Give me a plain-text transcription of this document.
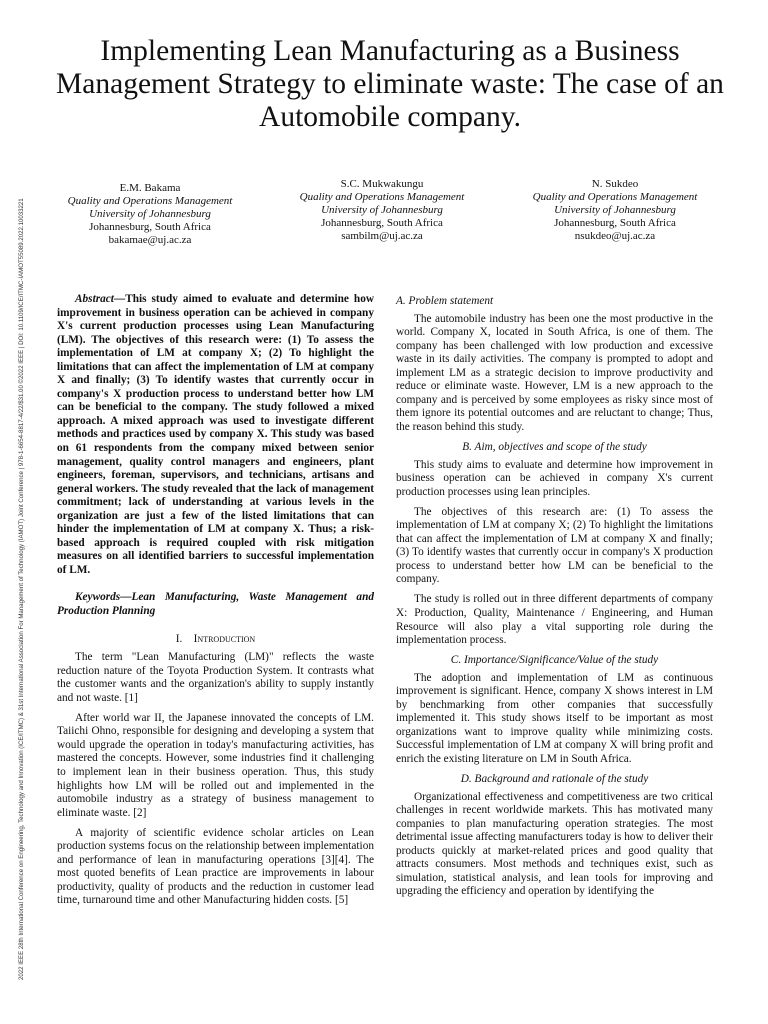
2022 IEEE 28th International Conference on Engineering, Technology and Innovation (ICE/ITMC) & 31st International Association For Management of Technology (IAMOT) Joint Conference | 978-1-6654-8817-4/22/$31.00 ©2022 IEEE | DOI: 10.1109/ICE/ITMC-IAMOT55089.2022.10033221
Implementing Lean Manufacturing as a Business Management Strategy to eliminate waste: The case of an Automobile company.
E.M. Bakama
Quality and Operations Management
University of Johannesburg
Johannesburg, South Africa
bakamae@uj.ac.za
S.C. Mukwakungu
Quality and Operations Management
University of Johannesburg
Johannesburg, South Africa
sambilm@uj.ac.za
N. Sukdeo
Quality and Operations Management
University of Johannesburg
Johannesburg, South Africa
nsukdeo@uj.ac.za

Abstract—This study aimed to evaluate and determine how improvement in business operation can be achieved in company X's current production processes using Lean Manufacturing (LM). The objectives of this research were: (1) To assess the implementation of LM at company X; (2) To highlight the limitations that can affect the implementation of LM at company X and finally; (3) To identify wastes that currently occur in company's X production process to understand better how LM can be beneficial to the company. The study followed a mixed approach. A mixed approach was used to investigate different methods and practices used by company X. This study was based on 61 respondents from the company mixed between senior management, quality control managers and engineers, plant engineers, foreman, supervisors, and technicians, artisans and general workers. The study revealed that the lack of management commitment; lack of understanding at various levels in the organization are just a few of the listed limitations that can hinder the implementation of LM at company X. Thus; a risk-based approach is required coupled with risk mitigation measures on all identified barriers to successful implementation of LM.

Keywords—Lean Manufacturing, Waste Management and Production Planning

I. Introduction

The term "Lean Manufacturing (LM)" reflects the waste reduction nature of the Toyota Production System. It contrasts what the customer wants and the organization's ability to supply instantly and not waste. [1]

After world war II, the Japanese innovated the concepts of LM. Taiichi Ohno, responsible for designing and developing a system that would upgrade the operation in today's manufacturing activities, has mastered the concepts. However, some industries find it challenging to implement lean in their business operation. Thus, this study highlights how LM will be rolled out and implemented in the automobile industry as a strategy of business management to eliminate waste. [2]

A majority of scientific evidence scholar articles on Lean production systems focus on the relationship between implementation and performance of lean in manufacturing operations [3][4]. The most quoted benefits of Lean practice are improvements in labour productivity, quality of products and the reduction in customer lead time, turnaround time and other Manufacturing hidden costs. [5]

A. Problem statement

The automobile industry has been one the most productive in the world. Company X, located in South Africa, is one of them. The company has been challenged with low production and excessive waste in its daily activities. The company is prompted to adopt and implement LM as a strategic decision to improve productivity and reduce or eliminate waste. However, LM is a new approach to the company and is perceived by some employees as risky since most of them ignore its potential outcomes and are reluctant to change; Thus, the reason behind this study.

B. Aim, objectives and scope of the study

This study aims to evaluate and determine how improvement in business operation can be achieved in company X's current production processes using lean principles.

The objectives of this research are: (1) To assess the implementation of LM at company X; (2) To highlight the limitations that can affect the implementation of LM at company X and finally; (3) To identify wastes that currently occur in company's X production process to understand better how LM can be beneficial to the company.

The study is rolled out in three different departments of company X: Production, Quality, Maintenance / Engineering, and Human Resource will also play a vital supporting role during the implementation process.

C. Importance/Significance/Value of the study

The adoption and implementation of LM as continuous improvement is significant. Hence, company X shows interest in LM by benchmarking from other companies that successfully implemented it. This study shows itself to be important as most organizations want to improve quality while minimizing costs. Successful implementation of LM at company X will bring profit and enrich the existing literature on LM in South Africa.

D. Background and rationale of the study

Organizational effectiveness and competitiveness are two critical challenges in recent worldwide markets. This has motivated many companies to plan manufacturing operation strategies. The most detrimental issue affecting manufacturers today is how to deliver their products quickly at market-related prices and good quality that attracts consumers. Most methods and techniques exist, such as simulation, statistical analysis, and lean tools for improving and upgrading the efficiency and operation by identifying the
